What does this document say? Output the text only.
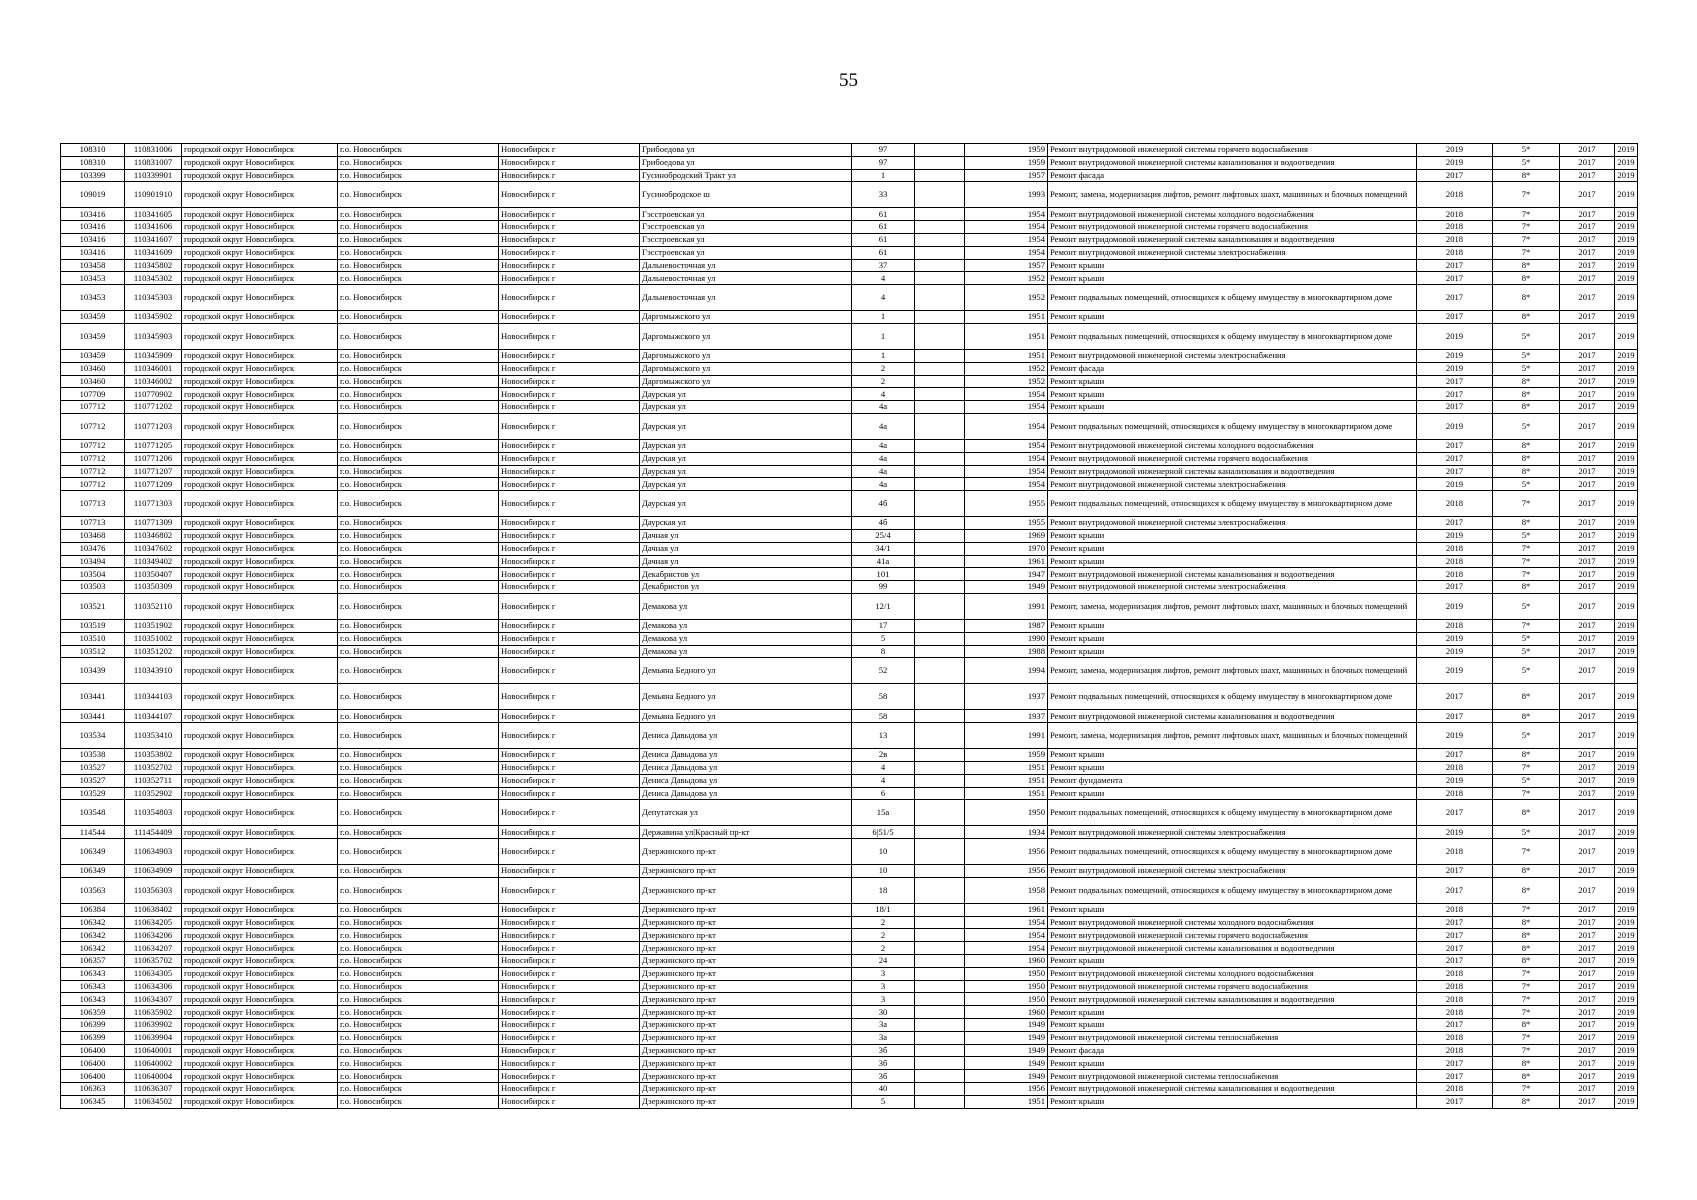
55
108310	110831006	городской округ Новосибирск	г.о. Новосибирск	Новосибирск г	Грибоедова ул	97		1959	Ремонт внутридомовой инженерной системы горячего водоснабжения	2019	5*	2017	2019
108310	110831007	городской округ Новосибирск	г.о. Новосибирск	Новосибирск г	Грибоедова ул	97		1959	Ремонт внутридомовой инженерной системы канализования и водоотведения	2019	5*	2017	2019
103399	110339901	городской округ Новосибирск	г.о. Новосибирск	Новосибирск г	Гусинобродский Тракт ул	1		1957	Ремонт фасада	2017	8*	2017	2019
109019	110901910	городской округ Новосибирск	г.о. Новосибирск	Новосибирск г	Гусинобродское ш	33		1993	Ремонт, замена, модернизация лифтов, ремонт лифтовых шахт, машинных и блочных помещений	2018	7*	2017	2019
103416	110341605	городской округ Новосибирск	г.о. Новосибирск	Новосибирск г	Гэсстроевская ул	61		1954	Ремонт внутридомовой инженерной системы холодного водоснабжения	2018	7*	2017	2019
103416	110341606	городской округ Новосибирск	г.о. Новосибирск	Новосибирск г	Гэсстроевская ул	61		1954	Ремонт внутридомовой инженерной системы горячего водоснабжения	2018	7*	2017	2019
103416	110341607	городской округ Новосибирск	г.о. Новосибирск	Новосибирск г	Гэсстроевская ул	61		1954	Ремонт внутридомовой инженерной системы канализования и водоотведения	2018	7*	2017	2019
103416	110341609	городской округ Новосибирск	г.о. Новосибирск	Новосибирск г	Гэсстроевская ул	61		1954	Ремонт внутридомовой инженерной системы электроснабжения	2018	7*	2017	2019
103458	110345802	городской округ Новосибирск	г.о. Новосибирск	Новосибирск г	Дальневосточная ул	37		1957	Ремонт крыши	2017	8*	2017	2019
103453	110345302	городской округ Новосибирск	г.о. Новосибирск	Новосибирск г	Дальневосточная ул	4		1952	Ремонт крыши	2017	8*	2017	2019
103453	110345303	городской округ Новосибирск	г.о. Новосибирск	Новосибирск г	Дальневосточная ул	4		1952	Ремонт подвальных помещений, относящихся к общему имуществу в многоквартирном доме	2017	8*	2017	2019
103459	110345902	городской округ Новосибирск	г.о. Новосибирск	Новосибирск г	Даргомыжского ул	1		1951	Ремонт крыши	2017	8*	2017	2019
103459	110345903	городской округ Новосибирск	г.о. Новосибирск	Новосибирск г	Даргомыжского ул	1		1951	Ремонт подвальных помещений, относящихся к общему имуществу в многоквартирном доме	2019	5*	2017	2019
103459	110345909	городской округ Новосибирск	г.о. Новосибирск	Новосибирск г	Даргомыжского ул	1		1951	Ремонт внутридомовой инженерной системы электроснабжения	2019	5*	2017	2019
103460	110346001	городской округ Новосибирск	г.о. Новосибирск	Новосибирск г	Даргомыжского ул	2		1952	Ремонт фасада	2019	5*	2017	2019
103460	110346002	городской округ Новосибирск	г.о. Новосибирск	Новосибирск г	Даргомыжского ул	2		1952	Ремонт крыши	2017	8*	2017	2019
107709	110770902	городской округ Новосибирск	г.о. Новосибирск	Новосибирск г	Даурская ул	4		1954	Ремонт крыши	2017	8*	2017	2019
107712	110771202	городской округ Новосибирск	г.о. Новосибирск	Новосибирск г	Даурская ул	4а		1954	Ремонт крыши	2017	8*	2017	2019
107712	110771203	городской округ Новосибирск	г.о. Новосибирск	Новосибирск г	Даурская ул	4а		1954	Ремонт подвальных помещений, относящихся к общему имуществу в многоквартирном доме	2019	5*	2017	2019
107712	110771205	городской округ Новосибирск	г.о. Новосибирск	Новосибирск г	Даурская ул	4а		1954	Ремонт внутридомовой инженерной системы холодного водоснабжения	2017	8*	2017	2019
107712	110771206	городской округ Новосибирск	г.о. Новосибирск	Новосибирск г	Даурская ул	4а		1954	Ремонт внутридомовой инженерной системы горячего водоснабжения	2017	8*	2017	2019
107712	110771207	городской округ Новосибирск	г.о. Новосибирск	Новосибирск г	Даурская ул	4а		1954	Ремонт внутридомовой инженерной системы канализования и водоотведения	2017	8*	2017	2019
107712	110771209	городской округ Новосибирск	г.о. Новосибирск	Новосибирск г	Даурская ул	4а		1954	Ремонт внутридомовой инженерной системы электроснабжения	2019	5*	2017	2019
107713	110771303	городской округ Новосибирск	г.о. Новосибирск	Новосибирск г	Даурская ул	4б		1955	Ремонт подвальных помещений, относящихся к общему имуществу в многоквартирном доме	2018	7*	2017	2019
107713	110771309	городской округ Новосибирск	г.о. Новосибирск	Новосибирск г	Даурская ул	4б		1955	Ремонт внутридомовой инженерной системы электроснабжения	2017	8*	2017	2019
103468	110346802	городской округ Новосибирск	г.о. Новосибирск	Новосибирск г	Дачная ул	25/4		1969	Ремонт крыши	2019	5*	2017	2019
103476	110347602	городской округ Новосибирск	г.о. Новосибирск	Новосибирск г	Дачная ул	34/1		1970	Ремонт крыши	2018	7*	2017	2019
103494	110349402	городской округ Новосибирск	г.о. Новосибирск	Новосибирск г	Дачная ул	41а		1961	Ремонт крыши	2018	7*	2017	2019
103504	110350407	городской округ Новосибирск	г.о. Новосибирск	Новосибирск г	Декабристов ул	101		1947	Ремонт внутридомовой инженерной системы канализования и водоотведения	2018	7*	2017	2019
103503	110350309	городской округ Новосибирск	г.о. Новосибирск	Новосибирск г	Декабристов ул	99		1949	Ремонт внутридомовой инженерной системы электроснабжения	2017	8*	2017	2019
103521	110352110	городской округ Новосибирск	г.о. Новосибирск	Новосибирск г	Демакова ул	12/1		1991	Ремонт, замена, модернизация лифтов, ремонт лифтовых шахт, машинных и блочных помещений	2019	5*	2017	2019
103519	110351902	городской округ Новосибирск	г.о. Новосибирск	Новосибирск г	Демакова ул	17		1987	Ремонт крыши	2018	7*	2017	2019
103510	110351002	городской округ Новосибирск	г.о. Новосибирск	Новосибирск г	Демакова ул	5		1990	Ремонт крыши	2019	5*	2017	2019
103512	110351202	городской округ Новосибирск	г.о. Новосибирск	Новосибирск г	Демакова ул	8		1988	Ремонт крыши	2019	5*	2017	2019
103439	110343910	городской округ Новосибирск	г.о. Новосибирск	Новосибирск г	Демьяна Бедного ул	52		1994	Ремонт, замена, модернизация лифтов, ремонт лифтовых шахт, машинных и блочных помещений	2019	5*	2017	2019
103441	110344103	городской округ Новосибирск	г.о. Новосибирск	Новосибирск г	Демьяна Бедного ул	58		1937	Ремонт подвальных помещений, относящихся к общему имуществу в многоквартирном доме	2017	8*	2017	2019
103441	110344107	городской округ Новосибирск	г.о. Новосибирск	Новосибирск г	Демьяна Бедного ул	58		1937	Ремонт внутридомовой инженерной системы канализования и водоотведения	2017	8*	2017	2019
103534	110353410	городской округ Новосибирск	г.о. Новосибирск	Новосибирск г	Дениса Давыдова ул	13		1991	Ремонт, замена, модернизация лифтов, ремонт лифтовых шахт, машинных и блочных помещений	2019	5*	2017	2019
103538	110353802	городской округ Новосибирск	г.о. Новосибирск	Новосибирск г	Дениса Давыдова ул	2в		1959	Ремонт крыши	2017	8*	2017	2019
103527	110352702	городской округ Новосибирск	г.о. Новосибирск	Новосибирск г	Дениса Давыдова ул	4		1951	Ремонт крыши	2018	7*	2017	2019
103527	110352711	городской округ Новосибирск	г.о. Новосибирск	Новосибирск г	Дениса Давыдова ул	4		1951	Ремонт фундамента	2019	5*	2017	2019
103529	110352902	городской округ Новосибирск	г.о. Новосибирск	Новосибирск г	Дениса Давыдова ул	6		1951	Ремонт крыши	2018	7*	2017	2019
103548	110354803	городской округ Новосибирск	г.о. Новосибирск	Новосибирск г	Депутатская ул	15а		1950	Ремонт подвальных помещений, относящихся к общему имуществу в многоквартирном доме	2017	8*	2017	2019
114544	111454409	городской округ Новосибирск	г.о. Новосибирск	Новосибирск г	Державина ул|Красный пр-кт	6|51/5		1934	Ремонт внутридомовой инженерной системы электроснабжения	2019	5*	2017	2019
106349	110634903	городской округ Новосибирск	г.о. Новосибирск	Новосибирск г	Дзержинского пр-кт	10		1956	Ремонт подвальных помещений, относящихся к общему имуществу в многоквартирном доме	2018	7*	2017	2019
106349	110634909	городской округ Новосибирск	г.о. Новосибирск	Новосибирск г	Дзержинского пр-кт	10		1956	Ремонт внутридомовой инженерной системы электроснабжения	2017	8*	2017	2019
103563	110356303	городской округ Новосибирск	г.о. Новосибирск	Новосибирск г	Дзержинского пр-кт	18		1958	Ремонт подвальных помещений, относящихся к общему имуществу в многоквартирном доме	2017	8*	2017	2019
106384	110638402	городской округ Новосибирск	г.о. Новосибирск	Новосибирск г	Дзержинского пр-кт	18/1		1961	Ремонт крыши	2018	7*	2017	2019
106342	110634205	городской округ Новосибирск	г.о. Новосибирск	Новосибирск г	Дзержинского пр-кт	2		1954	Ремонт внутридомовой инженерной системы холодного водоснабжения	2017	8*	2017	2019
106342	110634206	городской округ Новосибирск	г.о. Новосибирск	Новосибирск г	Дзержинского пр-кт	2		1954	Ремонт внутридомовой инженерной системы горячего водоснабжения	2017	8*	2017	2019
106342	110634207	городской округ Новосибирск	г.о. Новосибирск	Новосибирск г	Дзержинского пр-кт	2		1954	Ремонт внутридомовой инженерной системы канализования и водоотведения	2017	8*	2017	2019
106357	110635702	городской округ Новосибирск	г.о. Новосибирск	Новосибирск г	Дзержинского пр-кт	24		1960	Ремонт крыши	2017	8*	2017	2019
106343	110634305	городской округ Новосибирск	г.о. Новосибирск	Новосибирск г	Дзержинского пр-кт	3		1950	Ремонт внутридомовой инженерной системы холодного водоснабжения	2018	7*	2017	2019
106343	110634306	городской округ Новосибирск	г.о. Новосибирск	Новосибирск г	Дзержинского пр-кт	3		1950	Ремонт внутридомовой инженерной системы горячего водоснабжения	2018	7*	2017	2019
106343	110634307	городской округ Новосибирск	г.о. Новосибирск	Новосибирск г	Дзержинского пр-кт	3		1950	Ремонт внутридомовой инженерной системы канализования и водоотведения	2018	7*	2017	2019
106359	110635902	городской округ Новосибирск	г.о. Новосибирск	Новосибирск г	Дзержинского пр-кт	30		1960	Ремонт крыши	2018	7*	2017	2019
106399	110639902	городской округ Новосибирск	г.о. Новосибирск	Новосибирск г	Дзержинского пр-кт	3а		1949	Ремонт крыши	2017	8*	2017	2019
106399	110639904	городской округ Новосибирск	г.о. Новосибирск	Новосибирск г	Дзержинского пр-кт	3а		1949	Ремонт внутридомовой инженерной системы теплоснабжения	2018	7*	2017	2019
106400	110640001	городской округ Новосибирск	г.о. Новосибирск	Новосибирск г	Дзержинского пр-кт	3б		1949	Ремонт фасада	2018	7*	2017	2019
106400	110640002	городской округ Новосибирск	г.о. Новосибирск	Новосибирск г	Дзержинского пр-кт	3б		1949	Ремонт крыши	2017	8*	2017	2019
106400	110640004	городской округ Новосибирск	г.о. Новосибирск	Новосибирск г	Дзержинского пр-кт	3б		1949	Ремонт внутридомовой инженерной системы теплоснабжения	2017	8*	2017	2019
106363	110636307	городской округ Новосибирск	г.о. Новосибирск	Новосибирск г	Дзержинского пр-кт	40		1956	Ремонт внутридомовой инженерной системы канализования и водоотведения	2018	7*	2017	2019
106345	110634502	городской округ Новосибирск	г.о. Новосибирск	Новосибирск г	Дзержинского пр-кт	5		1951	Ремонт крыши	2017	8*	2017	2019
